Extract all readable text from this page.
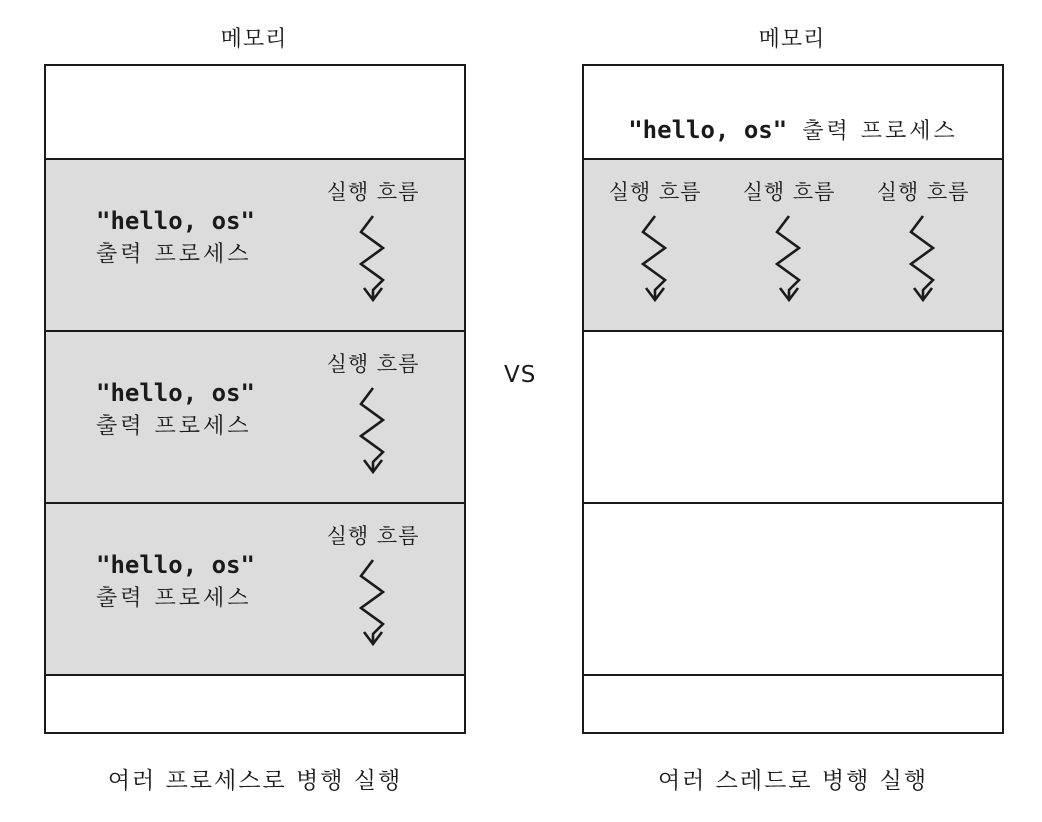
메모리
"hello, os"
출력 프로세스
실행 흐름
"hello, os"
출력 프로세스
실행 흐름
"hello, os"
출력 프로세스
실행 흐름
여러 프로세스로 병행 실행
VS
메모리
"hello, os" 출력 프로세스
실행 흐름	실행 흐름	실행 흐름
여러 스레드로 병행 실행
